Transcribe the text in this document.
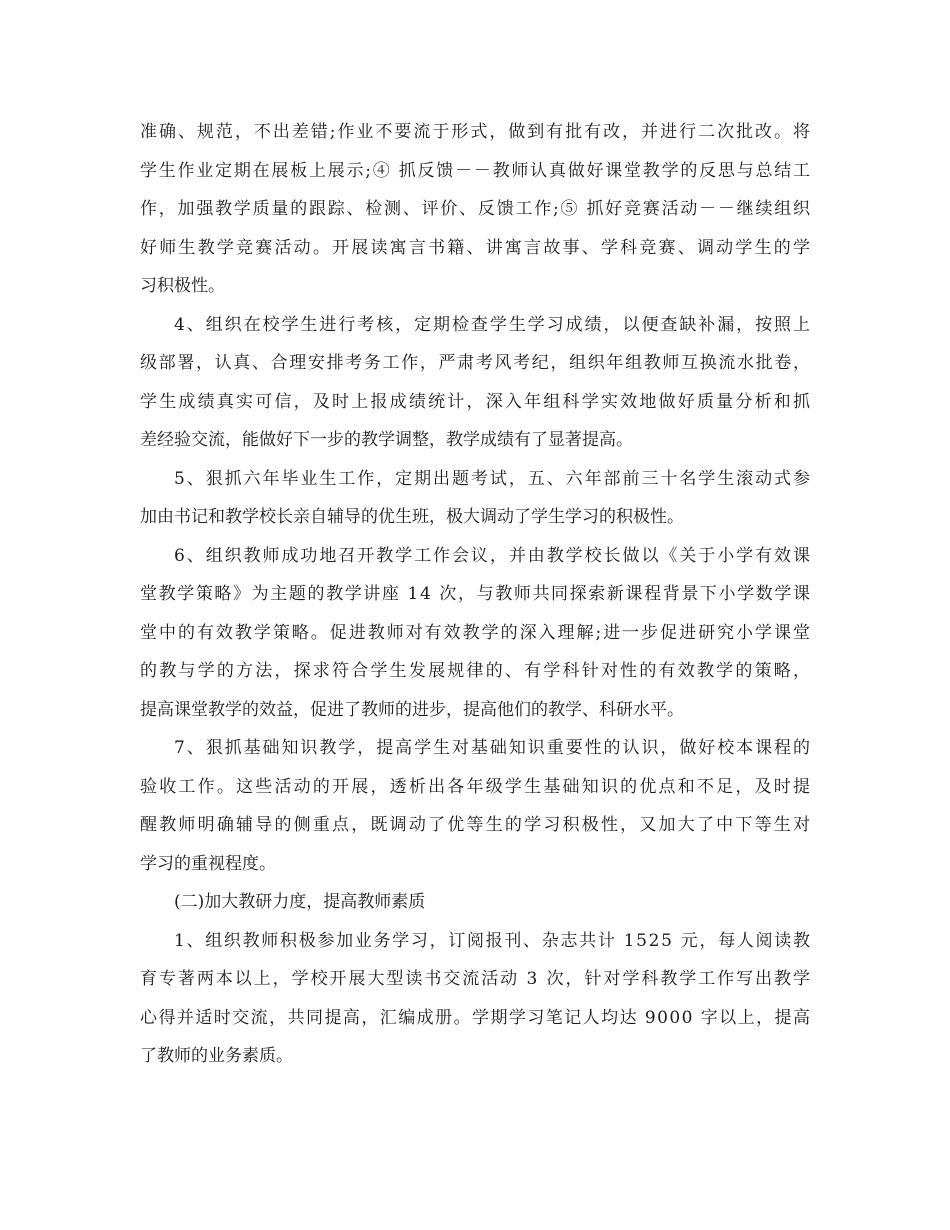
准确、规范，不出差错;作业不要流于形式，做到有批有改，并进行二次批改。将
学生作业定期在展板上展示;④ 抓反馈－－教师认真做好课堂教学的反思与总结工
作，加强教学质量的跟踪、检测、评价、反馈工作;⑤ 抓好竞赛活动－－继续组织
好师生教学竞赛活动。开展读寓言书籍、讲寓言故事、学科竞赛、调动学生的学
习积极性。
4、组织在校学生进行考核，定期检查学生学习成绩，以便查缺补漏，按照上
级部署，认真、合理安排考务工作，严肃考风考纪，组织年组教师互换流水批卷，
学生成绩真实可信，及时上报成绩统计，深入年组科学实效地做好质量分析和抓
差经验交流，能做好下一步的教学调整，教学成绩有了显著提高。
5、狠抓六年毕业生工作，定期出题考试，五、六年部前三十名学生滚动式参
加由书记和教学校长亲自辅导的优生班，极大调动了学生学习的积极性。
6、组织教师成功地召开教学工作会议，并由教学校长做以《关于小学有效课
堂教学策略》为主题的教学讲座 14 次，与教师共同探索新课程背景下小学数学课
堂中的有效教学策略。促进教师对有效教学的深入理解;进一步促进研究小学课堂
的教与学的方法，探求符合学生发展规律的、有学科针对性的有效教学的策略，
提高课堂教学的效益，促进了教师的进步，提高他们的教学、科研水平。
7、狠抓基础知识教学，提高学生对基础知识重要性的认识，做好校本课程的
验收工作。这些活动的开展，透析出各年级学生基础知识的优点和不足，及时提
醒教师明确辅导的侧重点，既调动了优等生的学习积极性，又加大了中下等生对
学习的重视程度。
(二)加大教研力度，提高教师素质
1、组织教师积极参加业务学习，订阅报刊、杂志共计 1525 元，每人阅读教
育专著两本以上，学校开展大型读书交流活动 3 次，针对学科教学工作写出教学
心得并适时交流，共同提高，汇编成册。学期学习笔记人均达 9000 字以上，提高
了教师的业务素质。
